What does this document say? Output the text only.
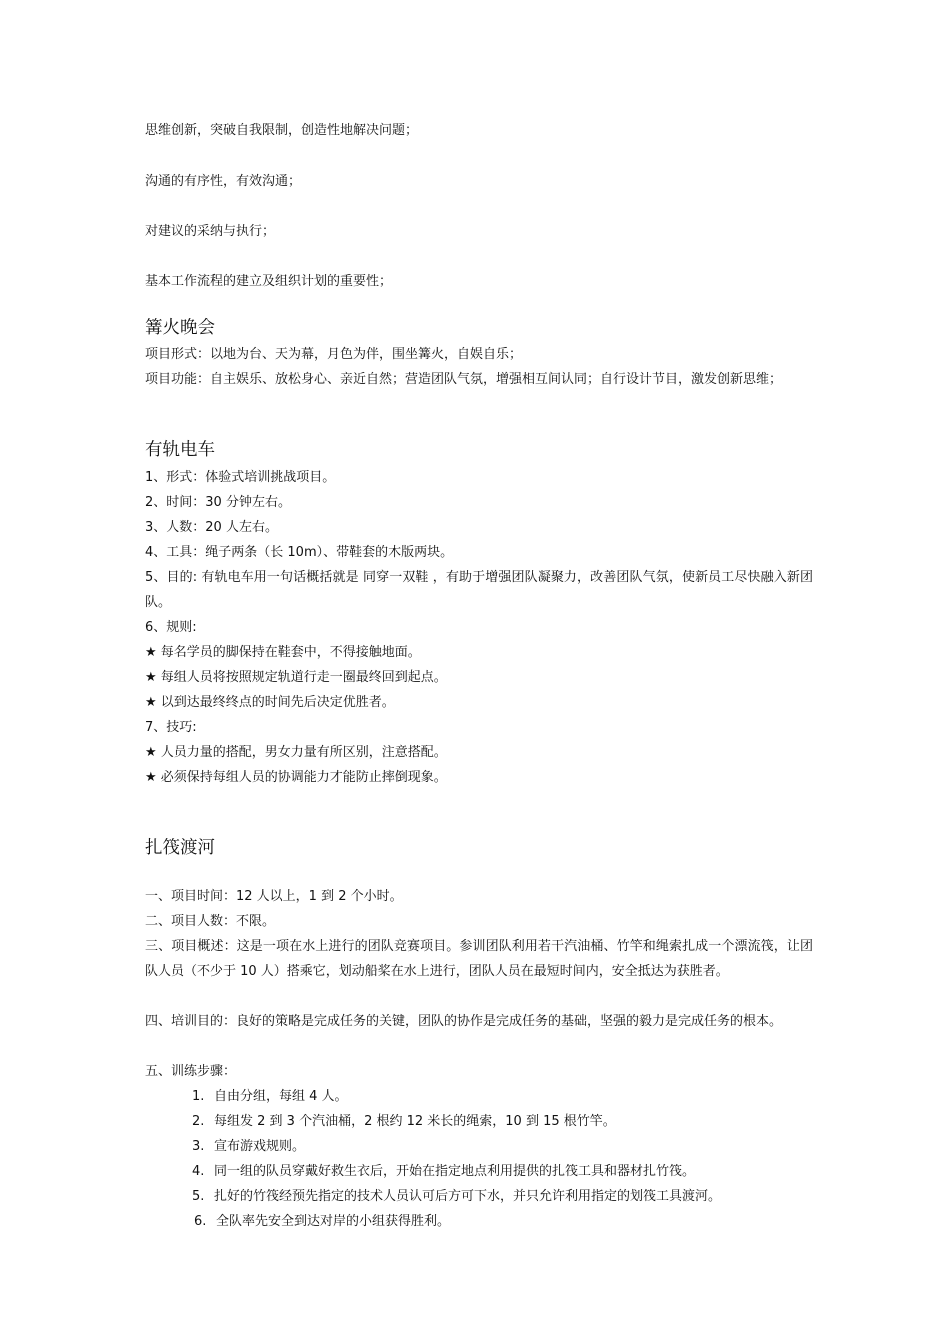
思维创新，突破自我限制，创造性地解决问题；
沟通的有序性，有效沟通；
对建议的采纳与执行；
基本工作流程的建立及组织计划的重要性；
篝火晚会
项目形式：以地为台、天为幕，月色为伴，围坐篝火，自娱自乐；
项目功能：自主娱乐、放松身心、亲近自然；营造团队气氛，增强相互间认同；自行设计节目，激发创新思维；
有轨电车
1、形式：体验式培训挑战项目。
2、时间：30 分钟左右。
3、人数：20 人左右。
4、工具：绳子两条（长 10m）、带鞋套的木版两块。
5、目的: 有轨电车用一句话概括就是 同穿一双鞋 ，有助于增强团队凝聚力，改善团队气氛，使新员工尽快融入新团队。
6、规则:
★ 每名学员的脚保持在鞋套中，不得接触地面。
★ 每组人员将按照规定轨道行走一圈最终回到起点。
★ 以到达最终终点的时间先后决定优胜者。
7、技巧:
★ 人员力量的搭配，男女力量有所区别，注意搭配。
★ 必须保持每组人员的协调能力才能防止摔倒现象。
扎筏渡河
一、项目时间：12 人以上，1 到 2 个小时。
二、项目人数：不限。
三、项目概述：这是一项在水上进行的团队竞赛项目。参训团队利用若干汽油桶、竹竿和绳索扎成一个漂流筏，让团队人员（不少于 10 人）搭乘它，划动船桨在水上进行，团队人员在最短时间内，安全抵达为获胜者。
四、培训目的：良好的策略是完成任务的关键，团队的协作是完成任务的基础，坚强的毅力是完成任务的根本。
五、训练步骤：
1. 自由分组，每组 4 人。
2. 每组发 2 到 3 个汽油桶，2 根约 12 米长的绳索，10 到 15 根竹竿。
3. 宣布游戏规则。
4. 同一组的队员穿戴好救生衣后，开始在指定地点利用提供的扎筏工具和器材扎竹筏。
5. 扎好的竹筏经预先指定的技术人员认可后方可下水，并只允许利用指定的划筏工具渡河。
6. 全队率先安全到达对岸的小组获得胜利。
